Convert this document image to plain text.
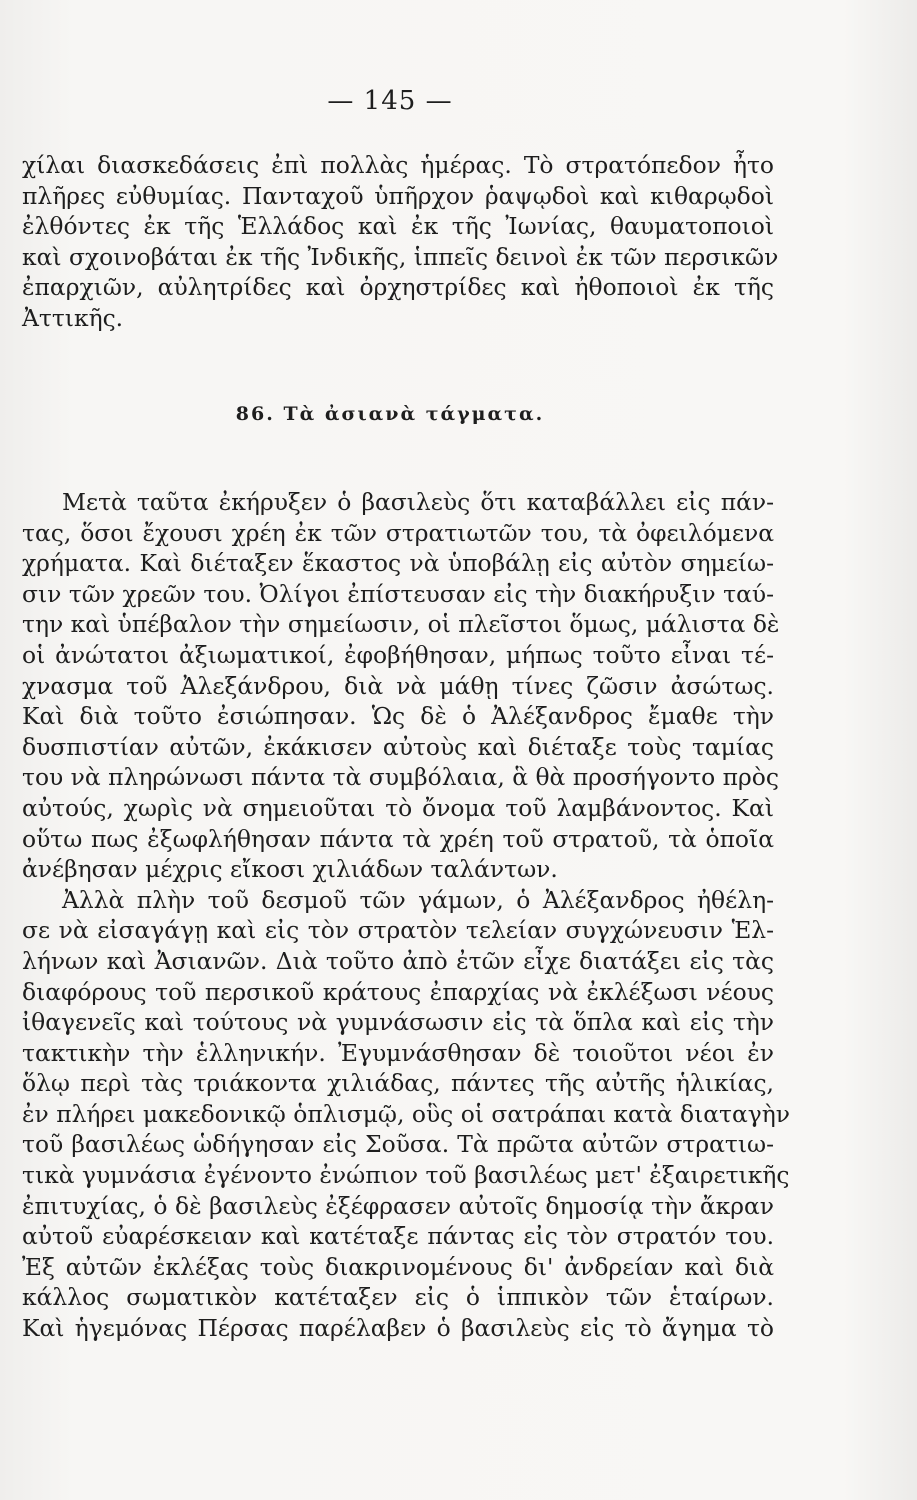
— 145 —
χίλαι διασκεδάσεις ἐπὶ πολλὰς ἡμέρας. Τὸ στρατόπεδον ἦτο
πλῆρες εὐθυμίας. Πανταχοῦ ὑπῆρχον ῥαψῳδοὶ καὶ κιθαρῳδοὶ
ἐλθόντες ἐκ τῆς Ἑλλάδος καὶ ἐκ τῆς Ἰωνίας, θαυματοποιοὶ
καὶ σχοινοβάται ἐκ τῆς Ἰνδικῆς, ἱππεῖς δεινοὶ ἐκ τῶν περσικῶν
ἐπαρχιῶν, αὐλητρίδες καὶ ὀρχηστρίδες καὶ ἠθοποιοὶ ἐκ τῆς
Ἀττικῆς.
86. Τὰ ἀσιανὰ τάγματα.
Μετὰ ταῦτα ἐκήρυξεν ὁ βασιλεὺς ὅτι καταβάλλει εἰς πάν-
τας, ὅσοι ἔχουσι χρέη ἐκ τῶν στρατιωτῶν του, τὰ ὀφειλόμενα
χρήματα. Καὶ διέταξεν ἕκαστος νὰ ὑποβάλῃ εἰς αὐτὸν σημείω-
σιν τῶν χρεῶν του. Ὀλίγοι ἐπίστευσαν εἰς τὴν διακήρυξιν ταύ-
την καὶ ὑπέβαλον τὴν σημείωσιν, οἱ πλεῖστοι ὅμως, μάλιστα δὲ
οἱ ἀνώτατοι ἀξιωματικοί, ἐφοβήθησαν, μήπως τοῦτο εἶναι τέ-
χνασμα τοῦ Ἀλεξάνδρου, διὰ νὰ μάθῃ τίνες ζῶσιν ἀσώτως.
Καὶ διὰ τοῦτο ἐσιώπησαν. Ὡς δὲ ὁ Ἀλέξανδρος ἔμαθε τὴν
δυσπιστίαν αὐτῶν, ἐκάκισεν αὐτοὺς καὶ διέταξε τοὺς ταμίας
του νὰ πληρώνωσι πάντα τὰ συμβόλαια, ἃ θὰ προσήγοντο πρὸς
αὐτούς, χωρὶς νὰ σημειοῦται τὸ ὄνομα τοῦ λαμβάνοντος. Καὶ
οὕτω πως ἐξωφλήθησαν πάντα τὰ χρέη τοῦ στρατοῦ, τὰ ὁποῖα
ἀνέβησαν μέχρις εἴκοσι χιλιάδων ταλάντων.
Ἀλλὰ πλὴν τοῦ δεσμοῦ τῶν γάμων, ὁ Ἀλέξανδρος ἠθέλη-
σε νὰ εἰσαγάγῃ καὶ εἰς τὸν στρατὸν τελείαν συγχώνευσιν Ἑλ-
λήνων καὶ Ἀσιανῶν. Διὰ τοῦτο ἀπὸ ἐτῶν εἶχε διατάξει εἰς τὰς
διαφόρους τοῦ περσικοῦ κράτους ἐπαρχίας νὰ ἐκλέξωσι νέους
ἰθαγενεῖς καὶ τούτους νὰ γυμνάσωσιν εἰς τὰ ὅπλα καὶ εἰς τὴν
τακτικὴν τὴν ἑλληνικήν. Ἐγυμνάσθησαν δὲ τοιοῦτοι νέοι ἐν
ὅλῳ περὶ τὰς τριάκοντα χιλιάδας, πάντες τῆς αὐτῆς ἡλικίας,
ἐν πλήρει μακεδονικῷ ὁπλισμῷ, οὓς οἱ σατράπαι κατὰ διαταγὴν
τοῦ βασιλέως ὡδήγησαν εἰς Σοῦσα. Τὰ πρῶτα αὐτῶν στρατιω-
τικὰ γυμνάσια ἐγένοντο ἐνώπιον τοῦ βασιλέως μετ' ἐξαιρετικῆς
ἐπιτυχίας, ὁ δὲ βασιλεὺς ἐξέφρασεν αὐτοῖς δημοσίᾳ τὴν ἄκραν
αὐτοῦ εὐαρέσκειαν καὶ κατέταξε πάντας εἰς τὸν στρατόν του.
Ἐξ αὐτῶν ἐκλέξας τοὺς διακρινομένους δι' ἀνδρείαν καὶ διὰ
κάλλος σωματικὸν κατέταξεν εἰς ὁ ἱππικὸν τῶν ἑταίρων.
Καὶ ἡγεμόνας Πέρσας παρέλαβεν ὁ βασιλεὺς εἰς τὸ ἄγημα τὸ
